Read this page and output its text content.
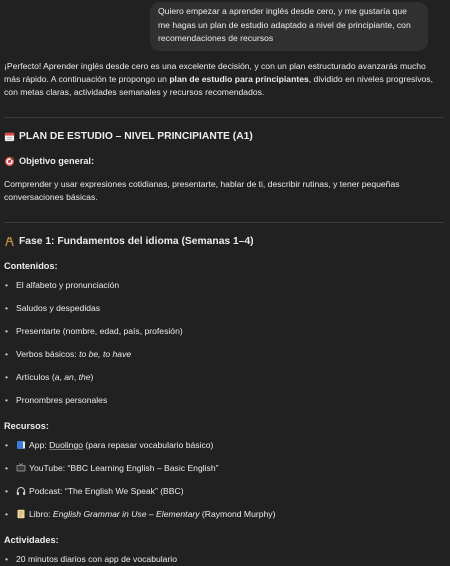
Quiero empezar a aprender inglés desde cero, y me gustaría que me hagas un plan de estudio adaptado a nivel de principiante, con recomendaciones de recursos

¡Perfecto! Aprender inglés desde cero es una excelente decisión, y con un plan estructurado avanzarás mucho más rápido. A continuación te propongo un plan de estudio para principiantes, dividido en niveles progresivos, con metas claras, actividades semanales y recursos recomendados.

PLAN DE ESTUDIO – NIVEL PRINCIPIANTE (A1)
Objetivo general:

Comprender y usar expresiones cotidianas, presentarte, hablar de ti, describir rutinas, y tener pequeñas conversaciones básicas.

Fase 1: Fundamentos del idioma (Semanas 1–4)
Contenidos:
• El alfabeto y pronunciación
• Saludos y despedidas
• Presentarte (nombre, edad, país, profesión)
• Verbos básicos: to be, to have
• Artículos (a, an, the)
• Pronombres personales
Recursos:
• App: Duolingo (para repasar vocabulario básico)
• YouTube: “BBC Learning English – Basic English”
• Podcast: “The English We Speak” (BBC)
• Libro: English Grammar in Use – Elementary (Raymond Murphy)
Actividades:
• 20 minutos diarios con app de vocabulario
